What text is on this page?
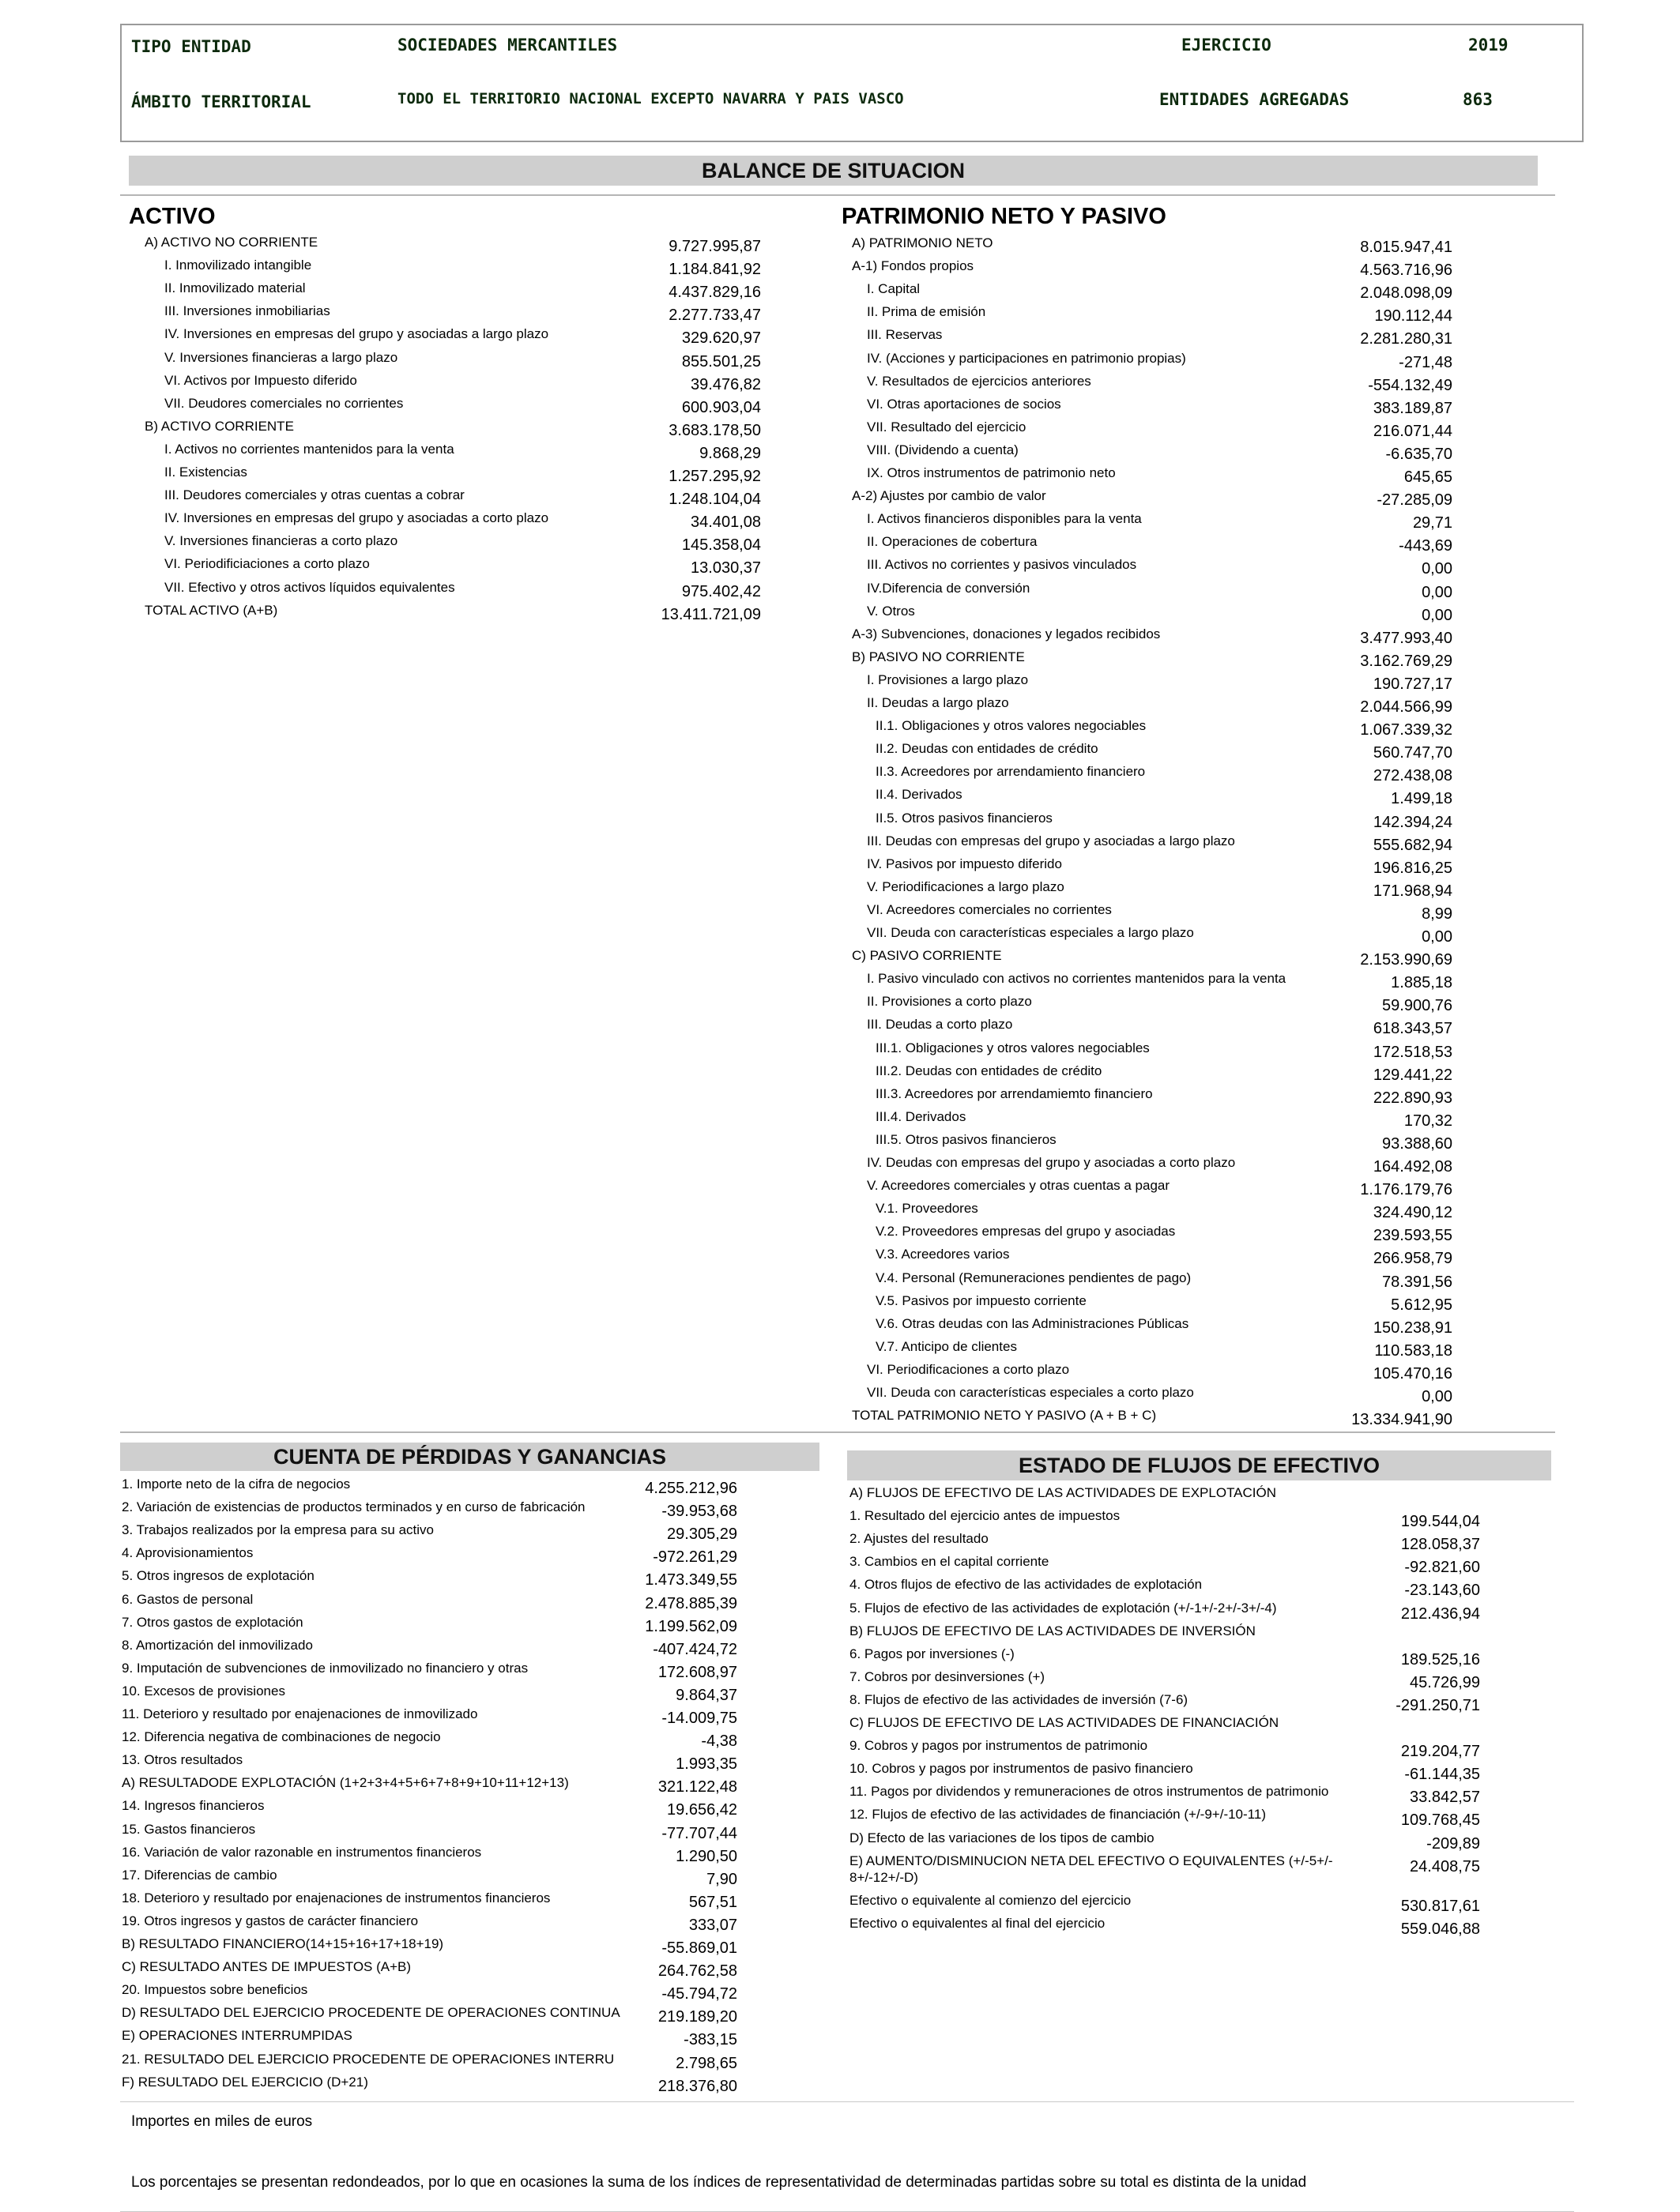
TIPO ENTIDAD	SOCIEDADES MERCANTILES	EJERCICIO	2019
ÁMBITO TERRITORIAL	TODO EL TERRITORIO NACIONAL EXCEPTO NAVARRA Y PAIS VASCO	ENTIDADES AGREGADAS	863
BALANCE DE SITUACION
ACTIVO	PATRIMONIO NETO Y PASIVO
A) ACTIVO NO CORRIENTE	9.727.995,87
I. Inmovilizado intangible	1.184.841,92
II. Inmovilizado material	4.437.829,16
III. Inversiones inmobiliarias	2.277.733,47
IV. Inversiones en empresas del grupo y asociadas a largo plazo	329.620,97
V. Inversiones financieras a largo plazo	855.501,25
VI. Activos por Impuesto diferido	39.476,82
VII. Deudores comerciales no corrientes	600.903,04
B) ACTIVO CORRIENTE	3.683.178,50
I. Activos no corrientes mantenidos para la venta	9.868,29
II. Existencias	1.257.295,92
III. Deudores comerciales y otras cuentas a cobrar	1.248.104,04
IV. Inversiones en empresas del grupo y asociadas a corto plazo	34.401,08
V. Inversiones financieras a corto plazo	145.358,04
VI. Periodificiaciones a corto plazo	13.030,37
VII. Efectivo y otros activos líquidos equivalentes	975.402,42
TOTAL ACTIVO (A+B)	13.411.721,09
A) PATRIMONIO NETO	8.015.947,41
A-1) Fondos propios	4.563.716,96
I. Capital	2.048.098,09
II. Prima de emisión	190.112,44
III. Reservas	2.281.280,31
IV. (Acciones y participaciones en patrimonio propias)	-271,48
V. Resultados de ejercicios anteriores	-554.132,49
VI. Otras aportaciones de socios	383.189,87
VII. Resultado del ejercicio	216.071,44
VIII. (Dividendo a cuenta)	-6.635,70
IX. Otros instrumentos de patrimonio neto	645,65
A-2) Ajustes por cambio de valor	-27.285,09
I. Activos financieros disponibles para la venta	29,71
II. Operaciones de cobertura	-443,69
III. Activos no corrientes y pasivos vinculados	0,00
IV.Diferencia de conversión	0,00
V. Otros	0,00
A-3) Subvenciones, donaciones y legados recibidos	3.477.993,40
B) PASIVO NO CORRIENTE	3.162.769,29
I. Provisiones a largo plazo	190.727,17
II. Deudas a largo plazo	2.044.566,99
II.1. Obligaciones y otros valores negociables	1.067.339,32
II.2. Deudas con entidades de crédito	560.747,70
II.3. Acreedores por arrendamiento financiero	272.438,08
II.4. Derivados	1.499,18
II.5. Otros pasivos financieros	142.394,24
III. Deudas con empresas del grupo y asociadas a largo plazo	555.682,94
IV. Pasivos por impuesto diferido	196.816,25
V. Periodificaciones a largo plazo	171.968,94
VI. Acreedores comerciales no corrientes	8,99
VII. Deuda con características especiales a largo plazo	0,00
C) PASIVO CORRIENTE	2.153.990,69
I. Pasivo vinculado con activos no corrientes mantenidos para la venta	1.885,18
II. Provisiones a corto plazo	59.900,76
III. Deudas a corto plazo	618.343,57
III.1. Obligaciones y otros valores negociables	172.518,53
III.2. Deudas con entidades de crédito	129.441,22
III.3. Acreedores por arrendamiemto financiero	222.890,93
III.4. Derivados	170,32
III.5. Otros pasivos financieros	93.388,60
IV. Deudas con empresas del grupo y asociadas a corto plazo	164.492,08
V. Acreedores comerciales y otras cuentas a pagar	1.176.179,76
V.1. Proveedores	324.490,12
V.2. Proveedores empresas del grupo y asociadas	239.593,55
V.3. Acreedores varios	266.958,79
V.4. Personal (Remuneraciones pendientes de pago)	78.391,56
V.5. Pasivos por impuesto corriente	5.612,95
V.6. Otras deudas con las Administraciones Públicas	150.238,91
V.7. Anticipo de clientes	110.583,18
VI. Periodificaciones a corto plazo	105.470,16
VII. Deuda con características especiales a corto plazo	0,00
TOTAL PATRIMONIO NETO Y PASIVO (A + B + C)	13.334.941,90
CUENTA DE PÉRDIDAS Y GANANCIAS
1. Importe neto de la cifra de negocios	4.255.212,96
2. Variación de existencias de productos terminados y en curso de fabricación	-39.953,68
3. Trabajos realizados por la empresa para su activo	29.305,29
4. Aprovisionamientos	-972.261,29
5. Otros ingresos de explotación	1.473.349,55
6. Gastos de personal	2.478.885,39
7. Otros gastos de explotación	1.199.562,09
8. Amortización del inmovilizado	-407.424,72
9. Imputación de subvenciones de inmovilizado no financiero y otras	172.608,97
10. Excesos de provisiones	9.864,37
11. Deterioro y resultado por enajenaciones de inmovilizado	-14.009,75
12. Diferencia negativa de combinaciones de negocio	-4,38
13. Otros resultados	1.993,35
A) RESULTADODE EXPLOTACIÓN (1+2+3+4+5+6+7+8+9+10+11+12+13)	321.122,48
14. Ingresos financieros	19.656,42
15. Gastos financieros	-77.707,44
16. Variación de valor razonable en instrumentos financieros	1.290,50
17. Diferencias de cambio	7,90
18. Deterioro y resultado por enajenaciones de instrumentos financieros	567,51
19. Otros ingresos y gastos de carácter financiero	333,07
B) RESULTADO FINANCIERO(14+15+16+17+18+19)	-55.869,01
C) RESULTADO ANTES DE IMPUESTOS (A+B)	264.762,58
20. Impuestos sobre beneficios	-45.794,72
D) RESULTADO DEL EJERCICIO PROCEDENTE DE OPERACIONES CONTINUA 219.189,20
E) OPERACIONES INTERRUMPIDAS	-383,15
21. RESULTADO DEL EJERCICIO PROCEDENTE DE OPERACIONES INTERRU	2.798,65
F) RESULTADO DEL EJERCICIO (D+21)	218.376,80
ESTADO DE FLUJOS DE EFECTIVO
A) FLUJOS DE EFECTIVO DE LAS ACTIVIDADES DE EXPLOTACIÓN
1. Resultado del ejercicio antes de impuestos	199.544,04
2. Ajustes del resultado	128.058,37
3. Cambios en el capital corriente	-92.821,60
4. Otros flujos de efectivo de las actividades de explotación	-23.143,60
5. Flujos de efectivo de las actividades de explotación (+/-1+/-2+/-3+/-4)	212.436,94
B) FLUJOS DE EFECTIVO DE LAS ACTIVIDADES DE INVERSIÓN
6. Pagos por inversiones (-)	189.525,16
7. Cobros por desinversiones (+)	45.726,99
8. Flujos de efectivo de las actividades de inversión (7-6)	-291.250,71
C) FLUJOS DE EFECTIVO DE LAS ACTIVIDADES DE FINANCIACIÓN
9. Cobros y pagos por instrumentos de patrimonio	219.204,77
10. Cobros y pagos por instrumentos de pasivo financiero	-61.144,35
11. Pagos por dividendos y remuneraciones de otros instrumentos de patrimonio	33.842,57
12. Flujos de efectivo de las actividades de financiación (+/-9+/-10-11)	109.768,45
D) Efecto de las variaciones de los tipos de cambio	-209,89
E) AUMENTO/DISMINUCION NETA DEL EFECTIVO O EQUIVALENTES (+/-5+/-
8+/-12+/-D)
24.408,75
Efectivo o equivalente al comienzo del ejercicio	530.817,61
Efectivo o equivalentes al final del ejercicio	559.046,88
Importes en miles de euros
Los porcentajes se presentan redondeados, por lo que en ocasiones la suma de los índices de representatividad de determinadas partidas sobre su total es distinta de la unidad
